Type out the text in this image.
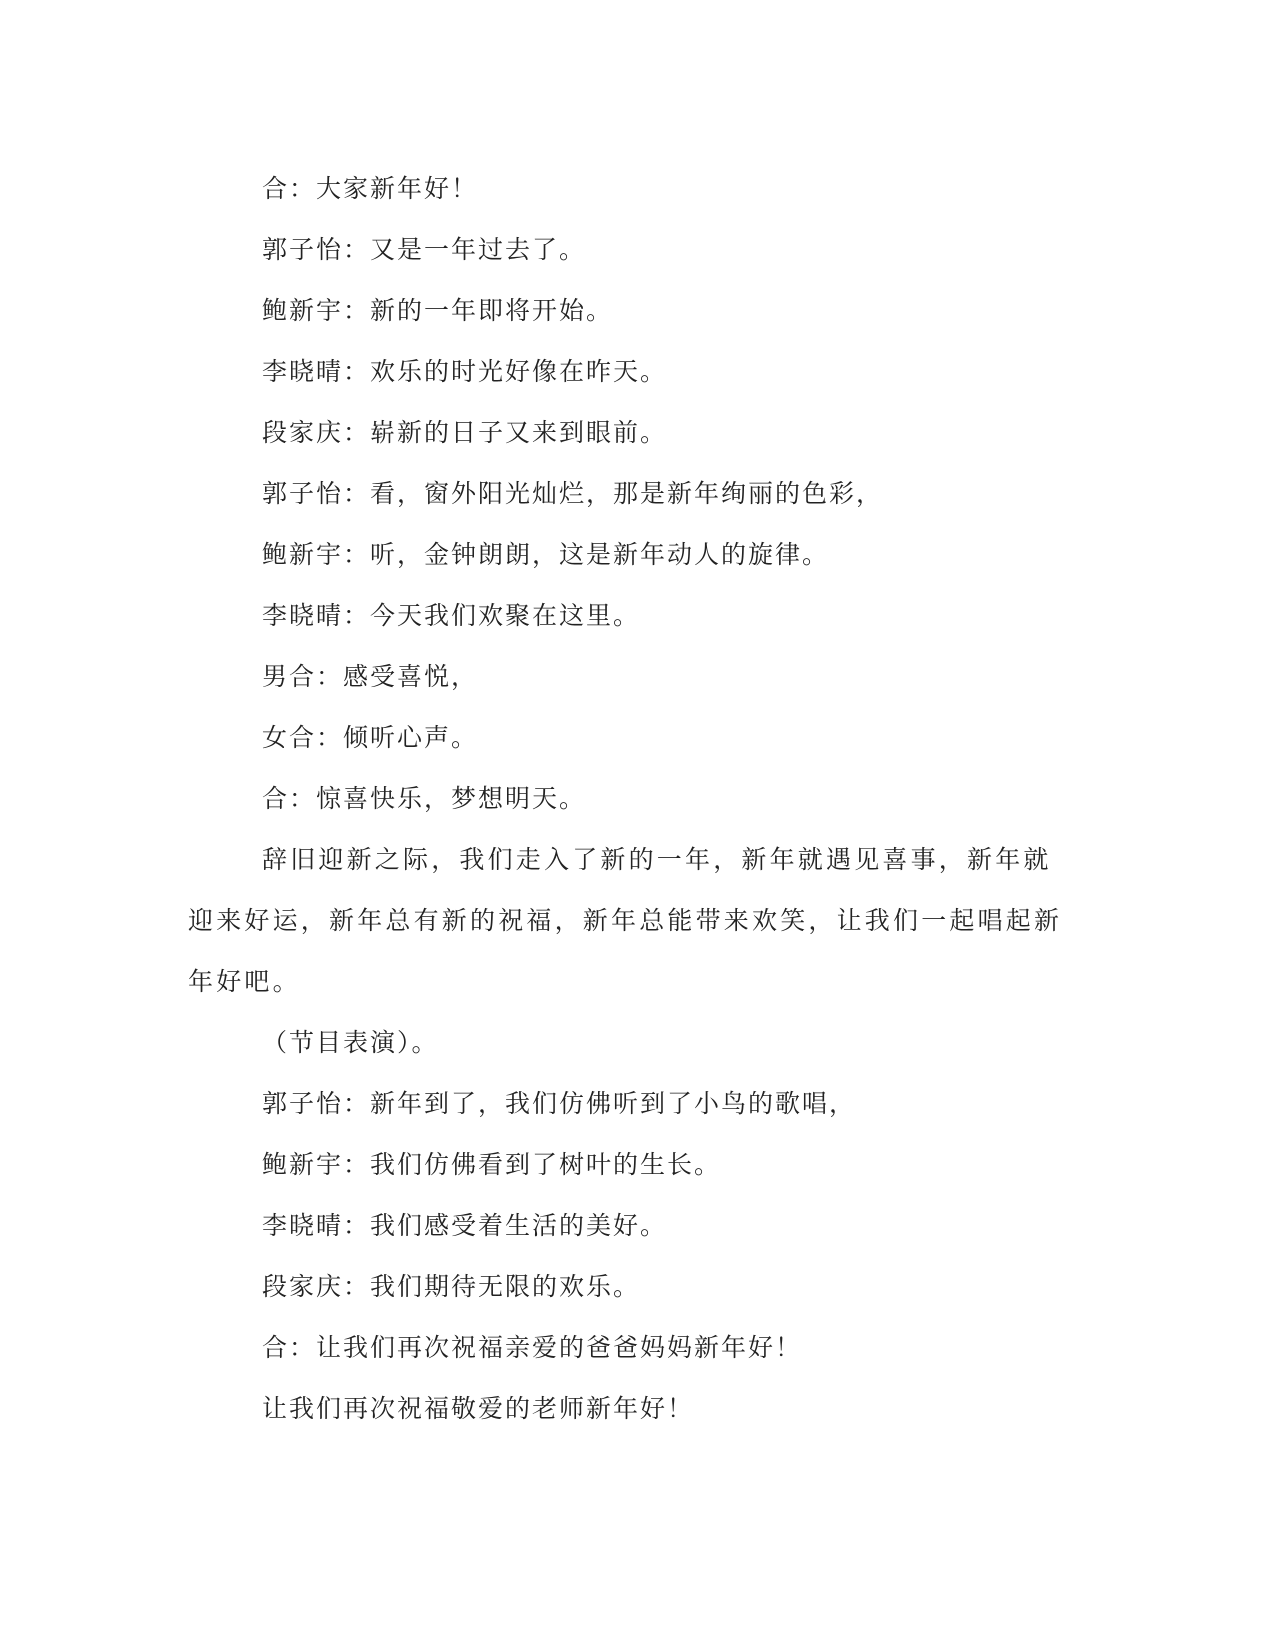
合：大家新年好！
郭子怡：又是一年过去了。
鲍新宇：新的一年即将开始。
李晓晴：欢乐的时光好像在昨天。
段家庆：崭新的日子又来到眼前。
郭子怡：看，窗外阳光灿烂，那是新年绚丽的色彩，
鲍新宇：听，金钟朗朗，这是新年动人的旋律。
李晓晴：今天我们欢聚在这里。
男合：感受喜悦，
女合：倾听心声。
合：惊喜快乐，梦想明天。

辞旧迎新之际，我们走入了新的一年，新年就遇见喜事，新年就迎来好运，新年总有新的祝福，新年总能带来欢笑，让我们一起唱起新年好吧。

（节目表演）。
郭子怡：新年到了，我们仿佛听到了小鸟的歌唱，
鲍新宇：我们仿佛看到了树叶的生长。
李晓晴：我们感受着生活的美好。
段家庆：我们期待无限的欢乐。
合：让我们再次祝福亲爱的爸爸妈妈新年好！
让我们再次祝福敬爱的老师新年好！
